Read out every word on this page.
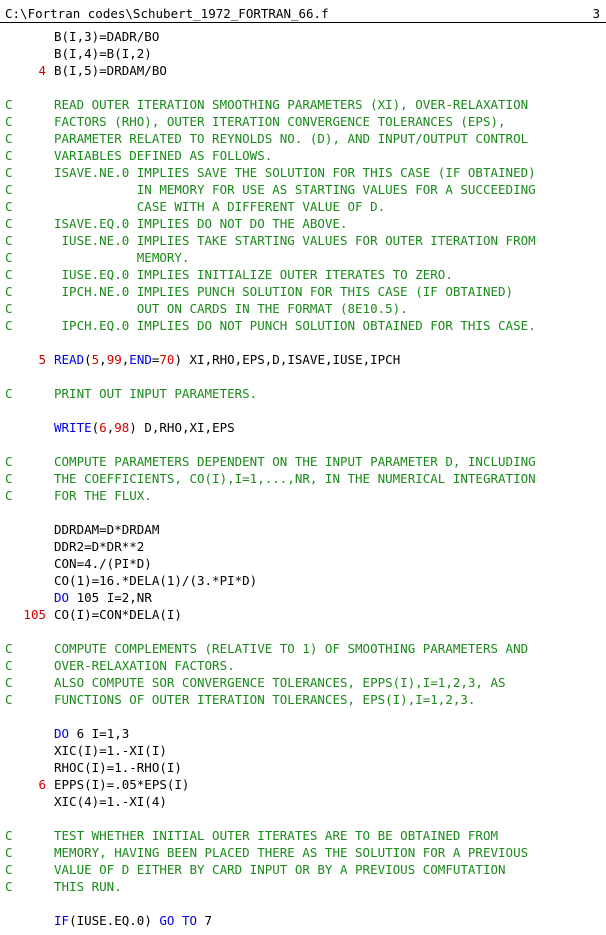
C:\Fortran codes\Schubert_1972_FORTRAN_66.f	3
B(I,3)=DADR/BO
B(I,4)=B(I,2)
4 B(I,5)=DRDAM/BO
C	READ OUTER ITERATION SMOOTHING PARAMETERS (XI), OVER-RELAXATION
C	FACTORS (RHO), OUTER ITERATION CONVERGENCE TOLERANCES (EPS),
C	PARAMETER RELATED TO REYNOLDS NO. (D), AND INPUT/OUTPUT CONTROL
C	VARIABLES DEFINED AS FOLLOWS.
C	ISAVE.NE.0 IMPLIES SAVE THE SOLUTION FOR THIS CASE (IF OBTAINED)
C	IN MEMORY FOR USE AS STARTING VALUES FOR A SUCCEEDING
C	CASE WITH A DIFFERENT VALUE OF D.
C	ISAVE.EQ.0 IMPLIES DO NOT DO THE ABOVE.
C	IUSE.NE.0 IMPLIES TAKE STARTING VALUES FOR OUTER ITERATION FROM
C	MEMORY.
C	IUSE.EQ.0 IMPLIES INITIALIZE OUTER ITERATES TO ZERO.
C	IPCH.NE.0 IMPLIES PUNCH SOLUTION FOR THIS CASE (IF OBTAINED)
C	OUT ON CARDS IN THE FORMAT (8E10.5).
C	IPCH.EQ.0 IMPLIES DO NOT PUNCH SOLUTION OBTAINED FOR THIS CASE.
5 READ(5,99,END=70) XI,RHO,EPS,D,ISAVE,IUSE,IPCH
C	PRINT OUT INPUT PARAMETERS.
WRITE(6,98) D,RHO,XI,EPS
C	COMPUTE PARAMETERS DEPENDENT ON THE INPUT PARAMETER D, INCLUDING
C	THE COEFFICIENTS, CO(I),I=1,...,NR, IN THE NUMERICAL INTEGRATION
C	FOR THE FLUX.
DDRDAM=D*DRDAM
DDR2=D*DR**2
CON=4./(PI*D)
CO(1)=16.*DELA(1)/(3.*PI*D)
DO 105 I=2,NR
105 CO(I)=CON*DELA(I)
C	COMPUTE COMPLEMENTS (RELATIVE TO 1) OF SMOOTHING PARAMETERS AND
C	OVER-RELAXATION FACTORS.
C	ALSO COMPUTE SOR CONVERGENCE TOLERANCES, EPPS(I),I=1,2,3, AS
C	FUNCTIONS OF OUTER ITERATION TOLERANCES, EPS(I),I=1,2,3.
DO 6 I=1,3
XIC(I)=1.-XI(I)
RHOC(I)=1.-RHO(I)
6 EPPS(I)=.05*EPS(I)
XIC(4)=1.-XI(4)
C	TEST WHETHER INITIAL OUTER ITERATES ARE TO BE OBTAINED FROM
C	MEMORY, HAVING BEEN PLACED THERE AS THE SOLUTION FOR A PREVIOUS
C	VALUE OF D EITHER BY CARD INPUT OR BY A PREVIOUS COMFUTATION
C	THIS RUN.
IF(IUSE.EQ.0) GO TO 7
